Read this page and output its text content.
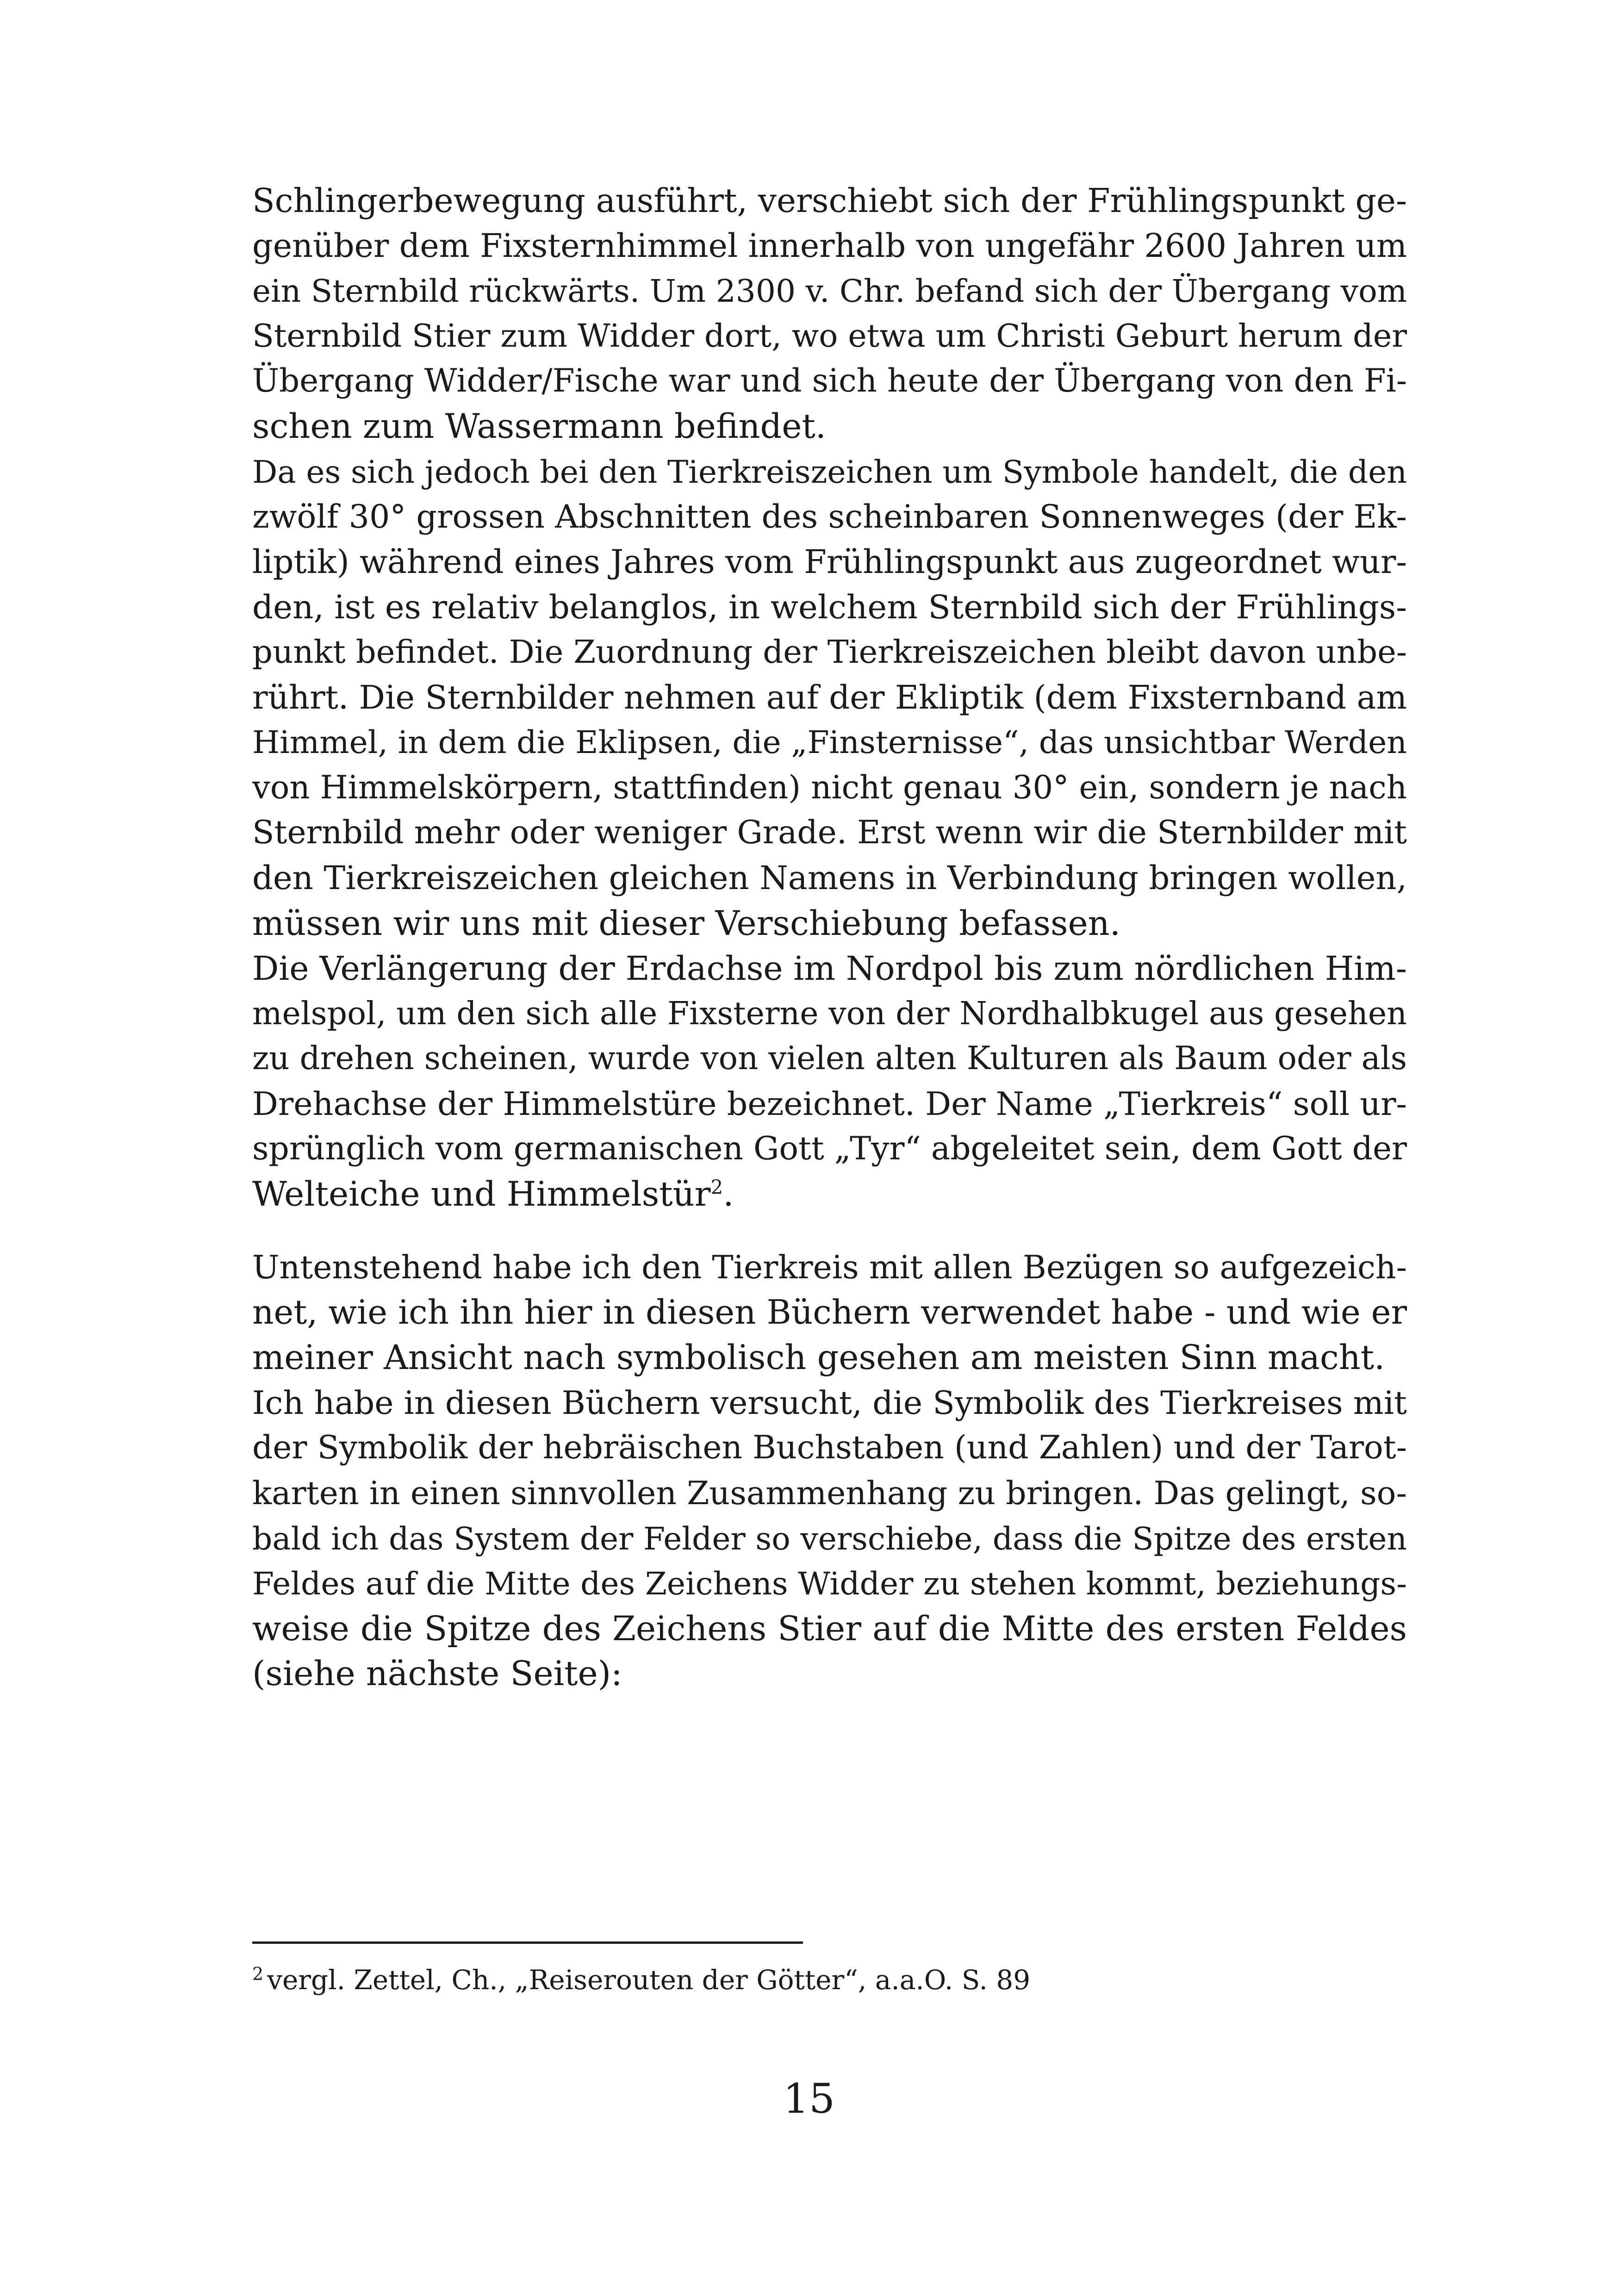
Schlingerbewegung ausführt, verschiebt sich der Frühlingspunkt ge-
genüber dem Fixsternhimmel innerhalb von ungefähr 2600 Jahren um
ein Sternbild rückwärts. Um 2300 v. Chr. befand sich der Übergang vom
Sternbild Stier zum Widder dort, wo etwa um Christi Geburt herum der
Übergang Widder/Fische war und sich heute der Übergang von den Fi-
schen zum Wassermann befindet.
Da es sich jedoch bei den Tierkreiszeichen um Symbole handelt, die den
zwölf 30° grossen Abschnitten des scheinbaren Sonnenweges (der Ek-
liptik) während eines Jahres vom Frühlingspunkt aus zugeordnet wur-
den, ist es relativ belanglos, in welchem Sternbild sich der Frühlings-
punkt befindet. Die Zuordnung der Tierkreiszeichen bleibt davon unbe-
rührt. Die Sternbilder nehmen auf der Ekliptik (dem Fixsternband am
Himmel, in dem die Eklipsen, die „Finsternisse“, das unsichtbar Werden
von Himmelskörpern, stattfinden) nicht genau 30° ein, sondern je nach
Sternbild mehr oder weniger Grade. Erst wenn wir die Sternbilder mit
den Tierkreiszeichen gleichen Namens in Verbindung bringen wollen,
müssen wir uns mit dieser Verschiebung befassen.
Die Verlängerung der Erdachse im Nordpol bis zum nördlichen Him-
melspol, um den sich alle Fixsterne von der Nordhalbkugel aus gesehen
zu drehen scheinen, wurde von vielen alten Kulturen als Baum oder als
Drehachse der Himmelstüre bezeichnet. Der Name „Tierkreis“ soll ur-
sprünglich vom germanischen Gott „Tyr“ abgeleitet sein, dem Gott der
Welteiche und Himmelstür$^2$.
Untenstehend habe ich den Tierkreis mit allen Bezügen so aufgezeich-
net, wie ich ihn hier in diesen Büchern verwendet habe - und wie er
meiner Ansicht nach symbolisch gesehen am meisten Sinn macht.
Ich habe in diesen Büchern versucht, die Symbolik des Tierkreises mit
der Symbolik der hebräischen Buchstaben (und Zahlen) und der Tarot-
karten in einen sinnvollen Zusammenhang zu bringen. Das gelingt, so-
bald ich das System der Felder so verschiebe, dass die Spitze des ersten
Feldes auf die Mitte des Zeichens Widder zu stehen kommt, beziehungs-
weise die Spitze des Zeichens Stier auf die Mitte des ersten Feldes
(siehe nächste Seite):
$^2$ vergl. Zettel, Ch., „Reiserouten der Götter“, a.a.O. S. 89
15
